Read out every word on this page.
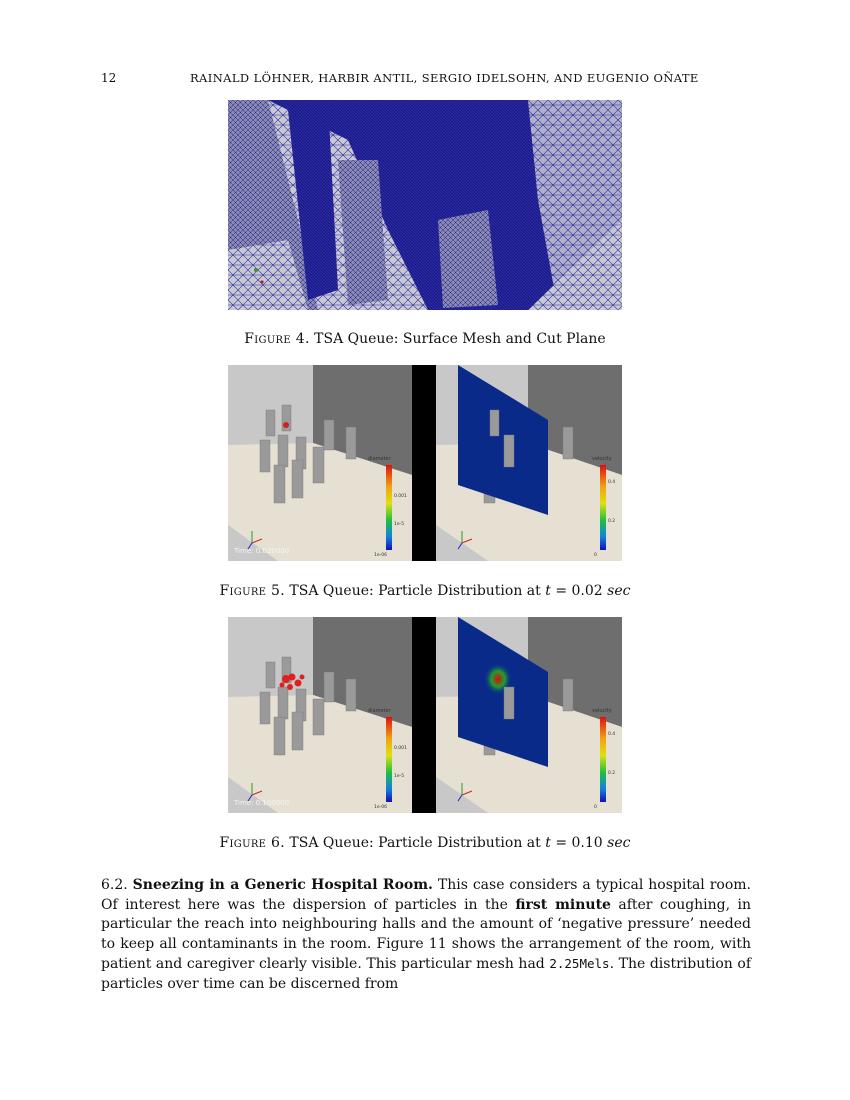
12	RAINALD LÖHNER, HARBIR ANTIL, SERGIO IDELSOHN, AND EUGENIO OÑATE
Figure 4. TSA Queue: Surface Mesh and Cut Plane
diameter
0.001
1e-5
1e-06
Time: 0.020000
velocity
0.4
0.2
0
Figure 5. TSA Queue: Particle Distribution at t = 0.02 sec
diameter
0.001
1e-5
1e-06
Time: 0.100000
velocity
0.4
0.2
0
Figure 6. TSA Queue: Particle Distribution at t = 0.10 sec
6.2. Sneezing in a Generic Hospital Room. This case considers a typical hospital room. Of interest here was the dispersion of particles in the first minute after coughing, in particular the reach into neighbouring halls and the amount of ‘negative pressure’ needed to keep all contaminants in the room. Figure 11 shows the arrangement of the room, with patient and caregiver clearly visible. This particular mesh had 2.25Mels. The distribution of particles over time can be discerned from
